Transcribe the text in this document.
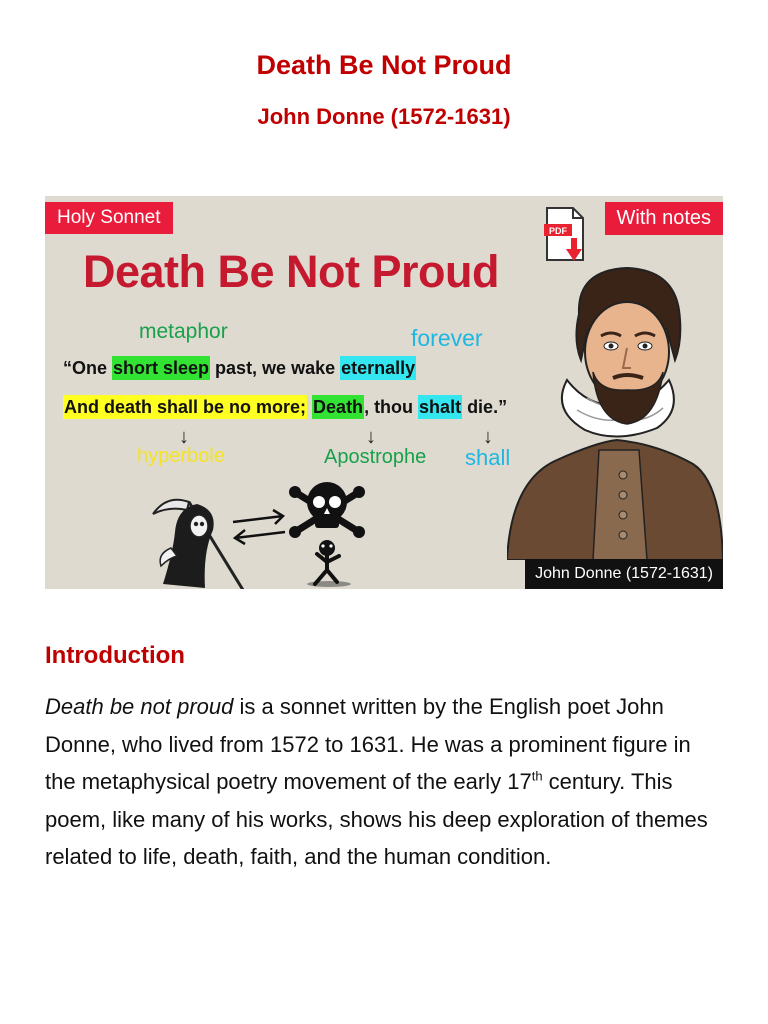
Death Be Not Proud
John Donne (1572-1631)
Holy Sonnet	With notes
PDF
Death Be Not Proud
metaphor	forever
“One short sleep past, we wake eternally
And death shall be no more; Death, thou shalt die.”
↓	↓	↓
hyperbole	Apostrophe shall
John Donne (1572-1631)
Introduction

Death be not proud is a sonnet written by the English poet John Donne, who lived from 1572 to 1631. He was a prominent figure in the metaphysical poetry movement of the early 17th century. This poem, like many of his works, shows his deep exploration of themes related to life, death, faith, and the human condition.
